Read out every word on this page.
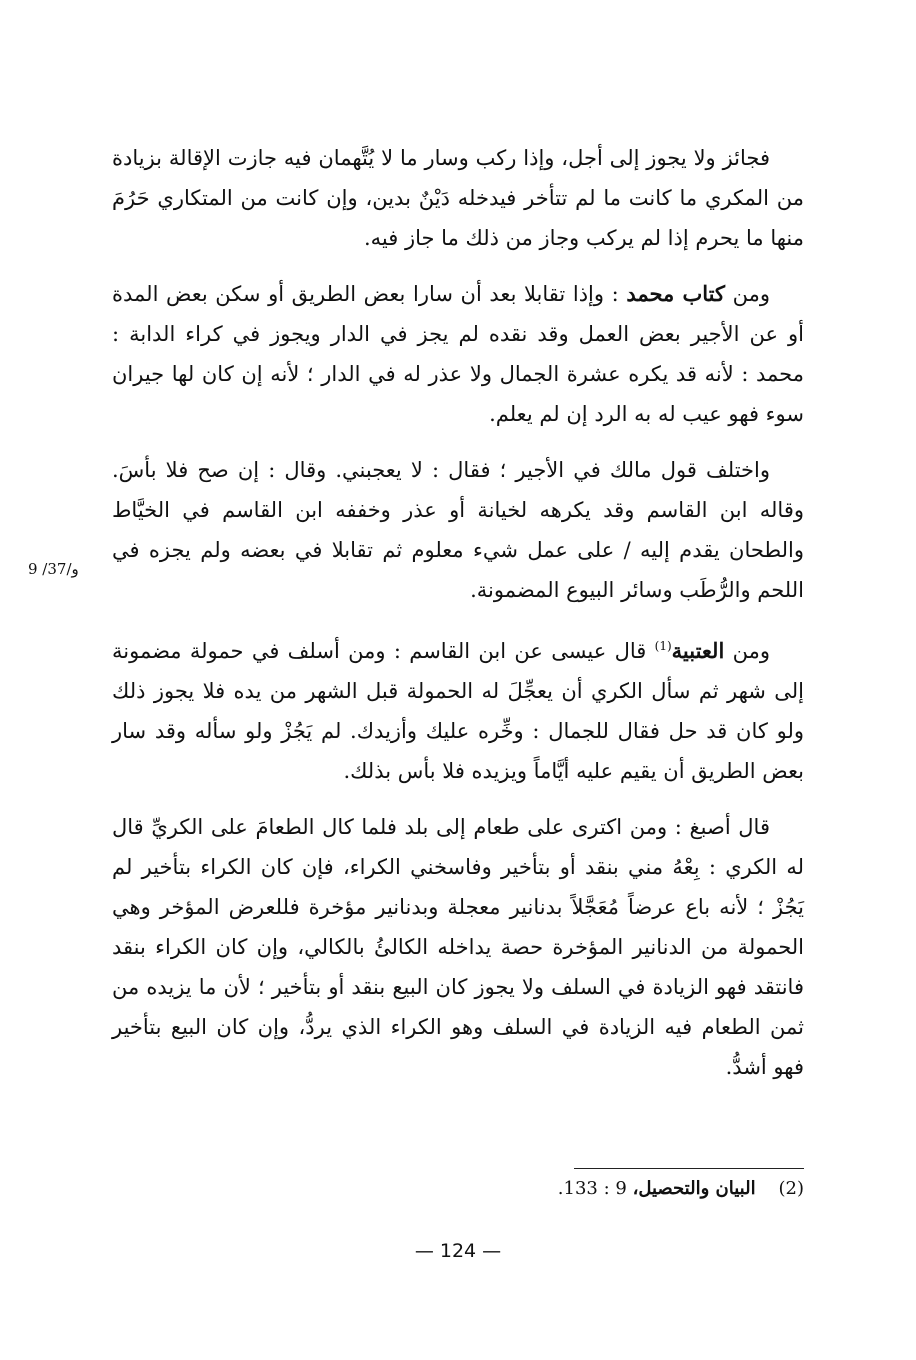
فجائز ولا يجوز إلى أجل، وإذا ركب وسار ما لا يُتَّهمان فيه جازت الإقالة بزيادة من المكري ما كانت ما لم تتأخر فيدخله دَيْنٌ بدين، وإن كانت من المتكاري حَرُمَ منها ما يحرم إذا لم يركب وجاز من ذلك ما جاز فيه.

ومن كتاب محمد : وإذا تقابلا بعد أن سارا بعض الطريق أو سكن بعض المدة أو عن الأجير بعض العمل وقد نقده لم يجز في الدار ويجوز في كراء الدابة : محمد : لأنه قد يكره عشرة الجمال ولا عذر له في الدار ؛ لأنه إن كان لها جيران سوء فهو عيب له به الرد إن لم يعلم.

واختلف قول مالك في الأجير ؛ فقال : لا يعجبني. وقال : إن صح فلا بأسَ. وقاله ابن القاسم وقد يكرهه لخيانة أو عذر وخففه ابن القاسم في الخيَّاط والطحان يقدم إليه / على عمل شيء معلوم ثم تقابلا في بعضه ولم يجزه في اللحم والرُّطَب وسائر البيوع المضمونة.

ومن العتبية$^{(1)}$ قال عيسى عن ابن القاسم : ومن أسلف في حمولة مضمونة إلى شهر ثم سأل الكري أن يعجِّلَ له الحمولة قبل الشهر من يده فلا يجوز ذلك ولو كان قد حل فقال للجمال : وخِّره عليك وأزيدك. لم يَجُزْ ولو سأله وقد سار بعض الطريق أن يقيم عليه أيَّاماً ويزيده فلا بأس بذلك.

قال أصبغ : ومن اكترى على طعام إلى بلد فلما كال الطعامَ على الكريِّ قال له الكري : بِعْهُ مني بنقد أو بتأخير وفاسخني الكراء، فإن كان الكراء بتأخير لم يَجُزْ ؛ لأنه باع عرضاً مُعَجَّلاً بدنانير معجلة وبدنانير مؤخرة فللعرض المؤخر وهي الحمولة من الدنانير المؤخرة حصة يداخله الكالئُ بالكالي، وإن كان الكراء بنقد فانتقد فهو الزيادة في السلف ولا يجوز كان البيع بنقد أو بتأخير ؛ لأن ما يزيده من ثمن الطعام فيه الزيادة في السلف وهو الكراء الذي يردُّ، وإن كان البيع بتأخير فهو أشدُّ.

9 /37/و
(2)    البيان والتحصيل، 9 : 133.
— 124 —
